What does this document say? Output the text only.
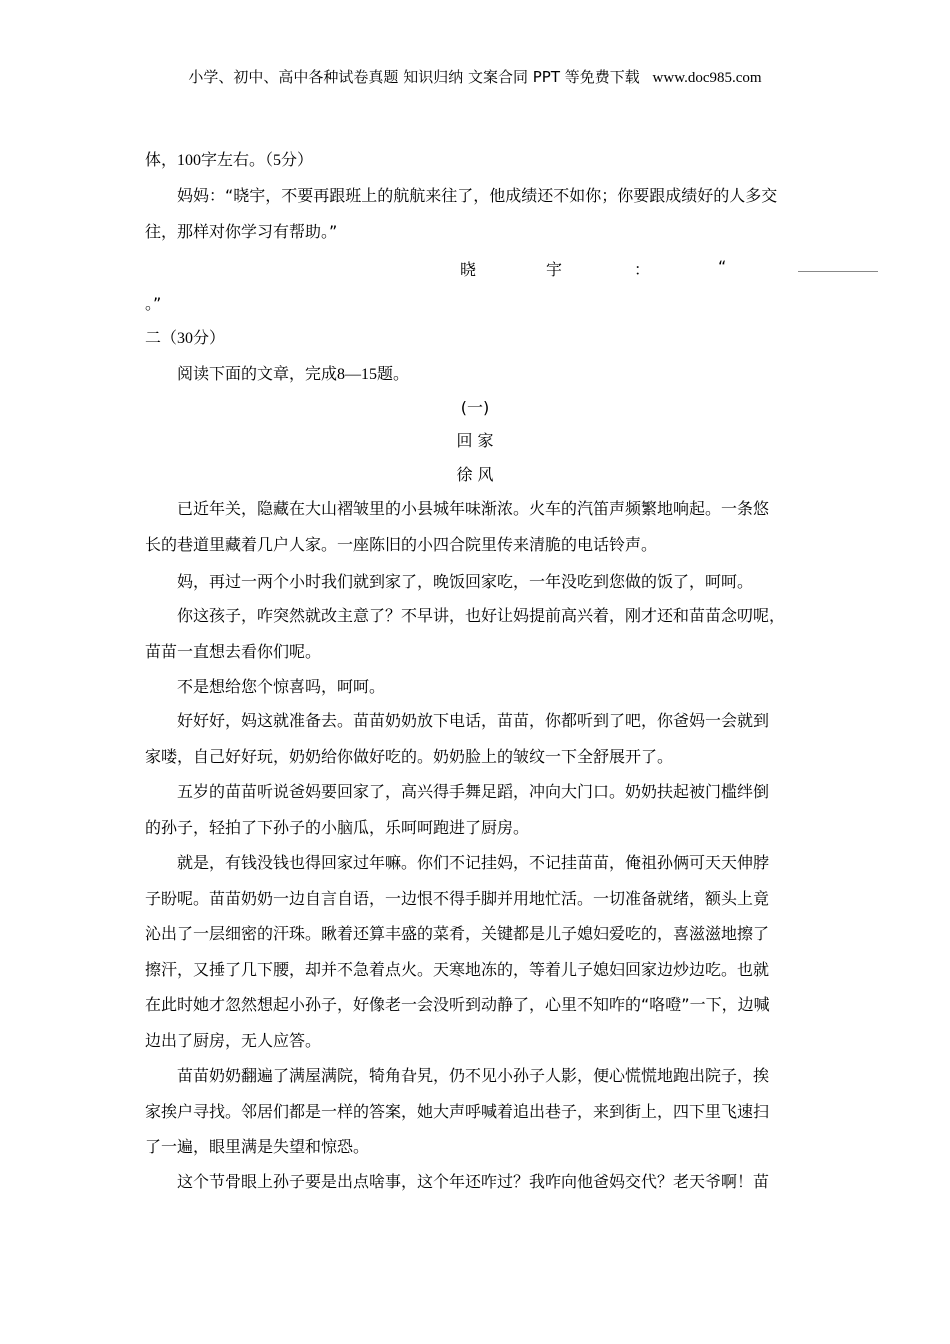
小学、初中、高中各种试卷真题 知识归纳 文案合同 PPT 等免费下载 www.doc985.com
体，100字左右。（5分）
妈妈：“晓宇，不要再跟班上的航航来往了，他成绩还不如你；你要跟成绩好的人多交
往，那样对你学习有帮助。”
晓	宇	：	“
。”
二（30分）
阅读下面的文章，完成8—15题。
(一)
回 家
徐 风
已近年关，隐藏在大山褶皱里的小县城年味渐浓。火车的汽笛声频繁地响起。一条悠
长的巷道里藏着几户人家。一座陈旧的小四合院里传来清脆的电话铃声。
妈，再过一两个小时我们就到家了，晚饭回家吃，一年没吃到您做的饭了，呵呵。
你这孩子，咋突然就改主意了？不早讲，也好让妈提前高兴着，刚才还和苗苗念叨呢，
苗苗一直想去看你们呢。
不是想给您个惊喜吗，呵呵。
好好好，妈这就准备去。苗苗奶奶放下电话，苗苗，你都听到了吧，你爸妈一会就到
家喽，自己好好玩，奶奶给你做好吃的。奶奶脸上的皱纹一下全舒展开了。
五岁的苗苗听说爸妈要回家了，高兴得手舞足蹈，冲向大门口。奶奶扶起被门槛绊倒
的孙子，轻拍了下孙子的小脑瓜，乐呵呵跑进了厨房。
就是，有钱没钱也得回家过年嘛。你们不记挂妈，不记挂苗苗，俺祖孙俩可天天伸脖
子盼呢。苗苗奶奶一边自言自语，一边恨不得手脚并用地忙活。一切准备就绪，额头上竟
沁出了一层细密的汗珠。瞅着还算丰盛的菜肴，关键都是儿子媳妇爱吃的，喜滋滋地擦了
擦汗，又捶了几下腰，却并不急着点火。天寒地冻的，等着儿子媳妇回家边炒边吃。也就
在此时她才忽然想起小孙子，好像老一会没听到动静了，心里不知咋的“咯噔”一下，边喊
边出了厨房，无人应答。
苗苗奶奶翻遍了满屋满院，犄角旮旯，仍不见小孙子人影，便心慌慌地跑出院子，挨
家挨户寻找。邻居们都是一样的答案，她大声呼喊着追出巷子，来到街上，四下里飞速扫
了一遍，眼里满是失望和惊恐。
这个节骨眼上孙子要是出点啥事，这个年还咋过？我咋向他爸妈交代？老天爷啊！苗
